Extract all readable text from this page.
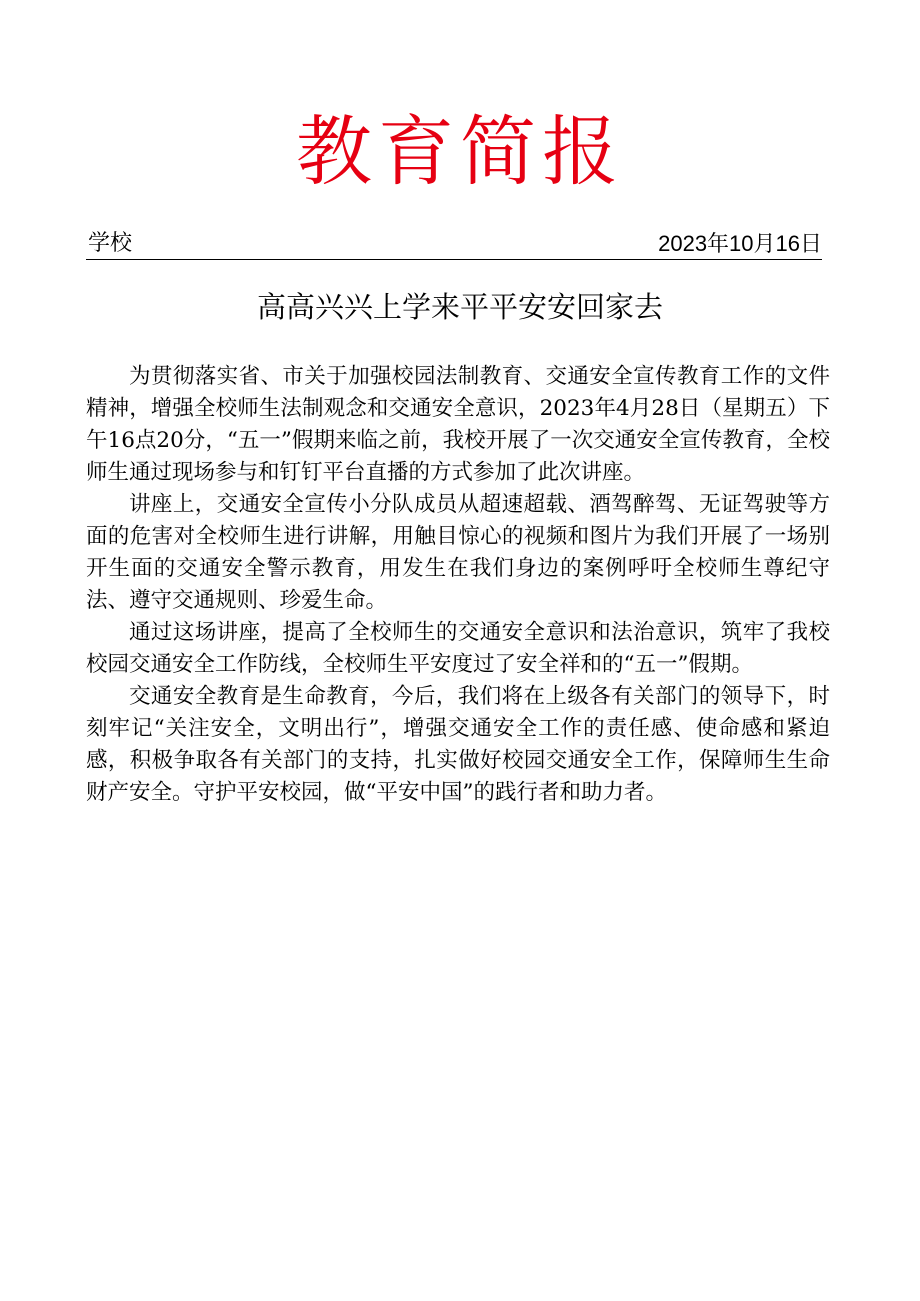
教育简报
学校	2023年10月16日
高高兴兴上学来平平安安回家去

为贯彻落实省、市关于加强校园法制教育、交通安全宣传教育工作的文件精神，增强全校师生法制观念和交通安全意识，2023年4月28日（星期五）下午16点20分，“五一”假期来临之前，我校开展了一次交通安全宣传教育，全校师生通过现场参与和钉钉平台直播的方式参加了此次讲座。

讲座上，交通安全宣传小分队成员从超速超载、酒驾醉驾、无证驾驶等方面的危害对全校师生进行讲解，用触目惊心的视频和图片为我们开展了一场别开生面的交通安全警示教育，用发生在我们身边的案例呼吁全校师生尊纪守法、遵守交通规则、珍爱生命。

通过这场讲座，提高了全校师生的交通安全意识和法治意识，筑牢了我校校园交通安全工作防线，全校师生平安度过了安全祥和的“五一”假期。

交通安全教育是生命教育，今后，我们将在上级各有关部门的领导下，时刻牢记“关注安全，文明出行”，增强交通安全工作的责任感、使命感和紧迫感，积极争取各有关部门的支持，扎实做好校园交通安全工作，保障师生生命财产安全。守护平安校园，做“平安中国”的践行者和助力者。
